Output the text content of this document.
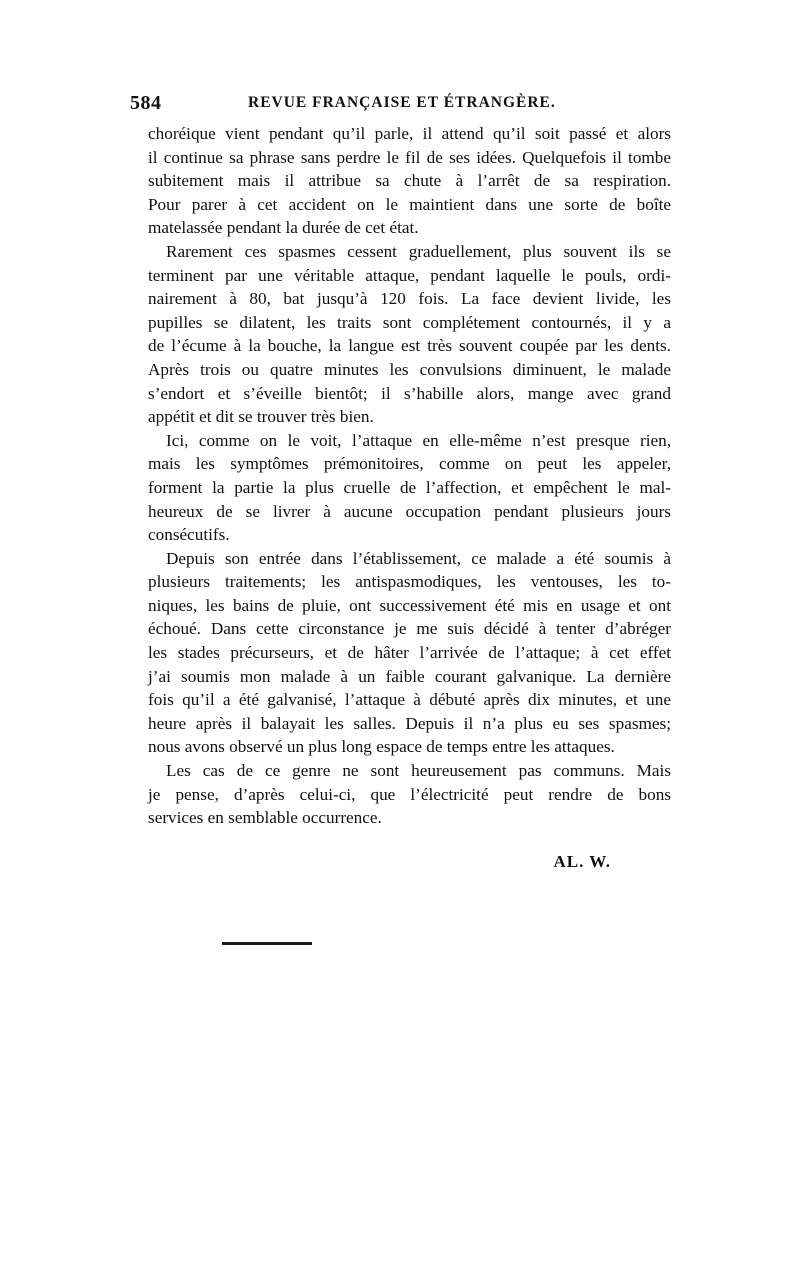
584	REVUE FRANÇAISE ET ÉTRANGÈRE.

choréique vient pendant qu’il parle, il attend qu’il soit passé et alors
il continue sa phrase sans perdre le fil de ses idées. Quelquefois il tombe
subitement mais il attribue sa chute à l’arrêt de sa respiration.
Pour parer à cet accident on le maintient dans une sorte de boîte
matelassée pendant la durée de cet état.

Rarement ces spasmes cessent graduellement, plus souvent ils se
terminent par une véritable attaque, pendant laquelle le pouls, ordi-
nairement à 80, bat jusqu’à 120 fois. La face devient livide, les
pupilles se dilatent, les traits sont complétement contournés, il y a
de l’écume à la bouche, la langue est très souvent coupée par les dents.
Après trois ou quatre minutes les convulsions diminuent, le malade
s’endort et s’éveille bientôt; il s’habille alors, mange avec grand
appétit et dit se trouver très bien.

Ici, comme on le voit, l’attaque en elle-même n’est presque rien,
mais les symptômes prémonitoires, comme on peut les appeler,
forment la partie la plus cruelle de l’affection, et empêchent le mal-
heureux de se livrer à aucune occupation pendant plusieurs jours
consécutifs.

Depuis son entrée dans l’établissement, ce malade a été soumis à
plusieurs traitements; les antispasmodiques, les ventouses, les to-
niques, les bains de pluie, ont successivement été mis en usage et ont
échoué. Dans cette circonstance je me suis décidé à tenter d’abréger
les stades précurseurs, et de hâter l’arrivée de l’attaque; à cet effet
j’ai soumis mon malade à un faible courant galvanique. La dernière
fois qu’il a été galvanisé, l’attaque à débuté après dix minutes, et une
heure après il balayait les salles. Depuis il n’a plus eu ses spasmes;
nous avons observé un plus long espace de temps entre les attaques.

Les cas de ce genre ne sont heureusement pas communs. Mais
je pense, d’après celui-ci, que l’électricité peut rendre de bons
services en semblable occurrence.

AL. W.
